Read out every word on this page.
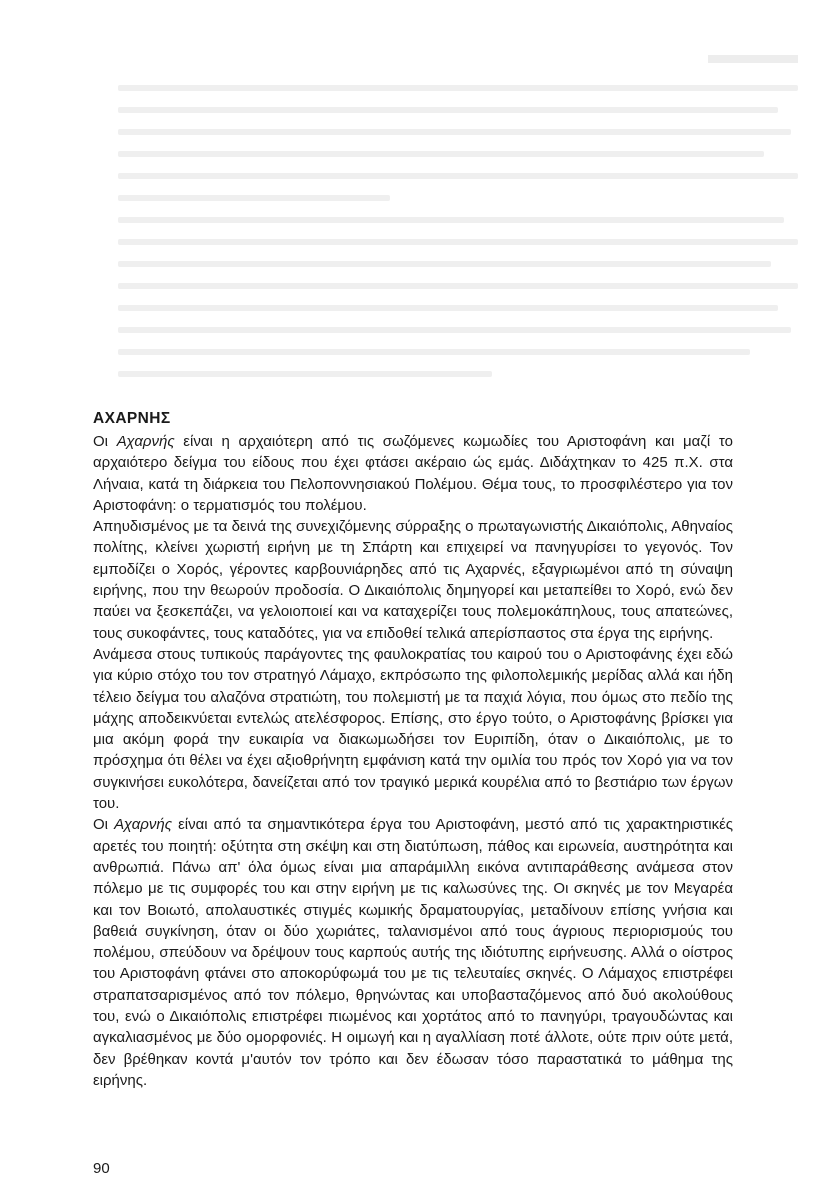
ΑΧΑΡΝΗΣ

Οι Αχαρνής είναι η αρχαιότερη από τις σωζόμενες κωμωδίες του Αριστοφάνη και μαζί το αρχαιότερο δείγμα του είδους που έχει φτάσει ακέραιο ώς εμάς. Διδάχτηκαν το 425 π.Χ. στα Λήναια, κατά τη διάρκεια του Πελοποννησιακού Πολέμου. Θέμα τους, το προσφιλέστερο για τον Αριστοφάνη: ο τερματισμός του πολέμου.

Απηυδισμένος με τα δεινά της συνεχιζόμενης σύρραξης ο πρωταγωνιστής Δικαιόπολις, Αθηναίος πολίτης, κλείνει χωριστή ειρήνη με τη Σπάρτη και επιχειρεί να πανηγυρίσει το γεγονός. Τον εμποδίζει ο Χορός, γέροντες καρβουνιάρηδες από τις Αχαρνές, εξαγριωμένοι από τη σύναψη ειρήνης, που την θεωρούν προδοσία. Ο Δικαιόπολις δημηγορεί και μεταπείθει το Χορό, ενώ δεν παύει να ξεσκεπάζει, να γελοιοποιεί και να καταχερίζει τους πολεμοκάπηλους, τους απατεώνες, τους συκοφάντες, τους καταδότες, για να επιδοθεί τελικά απερίσπαστος στα έργα της ειρήνης.

Ανάμεσα στους τυπικούς παράγοντες της φαυλοκρατίας του καιρού του ο Αριστοφάνης έχει εδώ για κύριο στόχο του τον στρατηγό Λάμαχο, εκπρόσωπο της φιλοπολεμικής μερίδας αλλά και ήδη τέλειο δείγμα του αλαζόνα στρατιώτη, του πολεμιστή με τα παχιά λόγια, που όμως στο πεδίο της μάχης αποδεικνύεται εντελώς ατελέσφορος. Επίσης, στο έργο τούτο, ο Αριστοφάνης βρίσκει για μια ακόμη φορά την ευκαιρία να διακωμωδήσει τον Ευριπίδη, όταν ο Δικαιόπολις, με το πρόσχημα ότι θέλει να έχει αξιοθρήνητη εμφάνιση κατά την ομιλία του πρός τον Χορό για να τον συγκινήσει ευκολότερα, δανείζεται από τον τραγικό μερικά κουρέλια από το βεστιάριο των έργων του.

Οι Αχαρνής είναι από τα σημαντικότερα έργα του Αριστοφάνη, μεστό από τις χαρακτηριστικές αρετές του ποιητή: οξύτητα στη σκέψη και στη διατύπωση, πάθος και ειρωνεία, αυστηρότητα και ανθρωπιά. Πάνω απ' όλα όμως είναι μια απαράμιλλη εικόνα αντιπαράθεσης ανάμεσα στον πόλεμο με τις συμφορές του και στην ειρήνη με τις καλωσύνες της. Οι σκηνές με τον Μεγαρέα και τον Βοιωτό, απολαυστικές στιγμές κωμικής δραματουργίας, μεταδίνουν επίσης γνήσια και βαθειά συγκίνηση, όταν οι δύο χωριάτες, ταλανισμένοι από τους άγριους περιορισμούς του πολέμου, σπεύδουν να δρέψουν τους καρπούς αυτής της ιδιότυπης ειρήνευσης. Αλλά ο οίστρος του Αριστοφάνη φτάνει στο αποκορύφωμά του με τις τελευταίες σκηνές. Ο Λάμαχος επιστρέφει στραπατσαρισμένος από τον πόλεμο, θρηνώντας και υποβασταζόμενος από δυό ακολούθους του, ενώ ο Δικαιόπολις επιστρέφει πιωμένος και χορτάτος από το πανηγύρι, τραγουδώντας και αγκαλιασμένος με δύο ομορφονιές. Η οιμωγή και η αγαλλίαση ποτέ άλλοτε, ούτε πριν ούτε μετά, δεν βρέθηκαν κοντά μ'αυτόν τον τρόπο και δεν έδωσαν τόσο παραστατικά το μάθημα της ειρήνης.

90
